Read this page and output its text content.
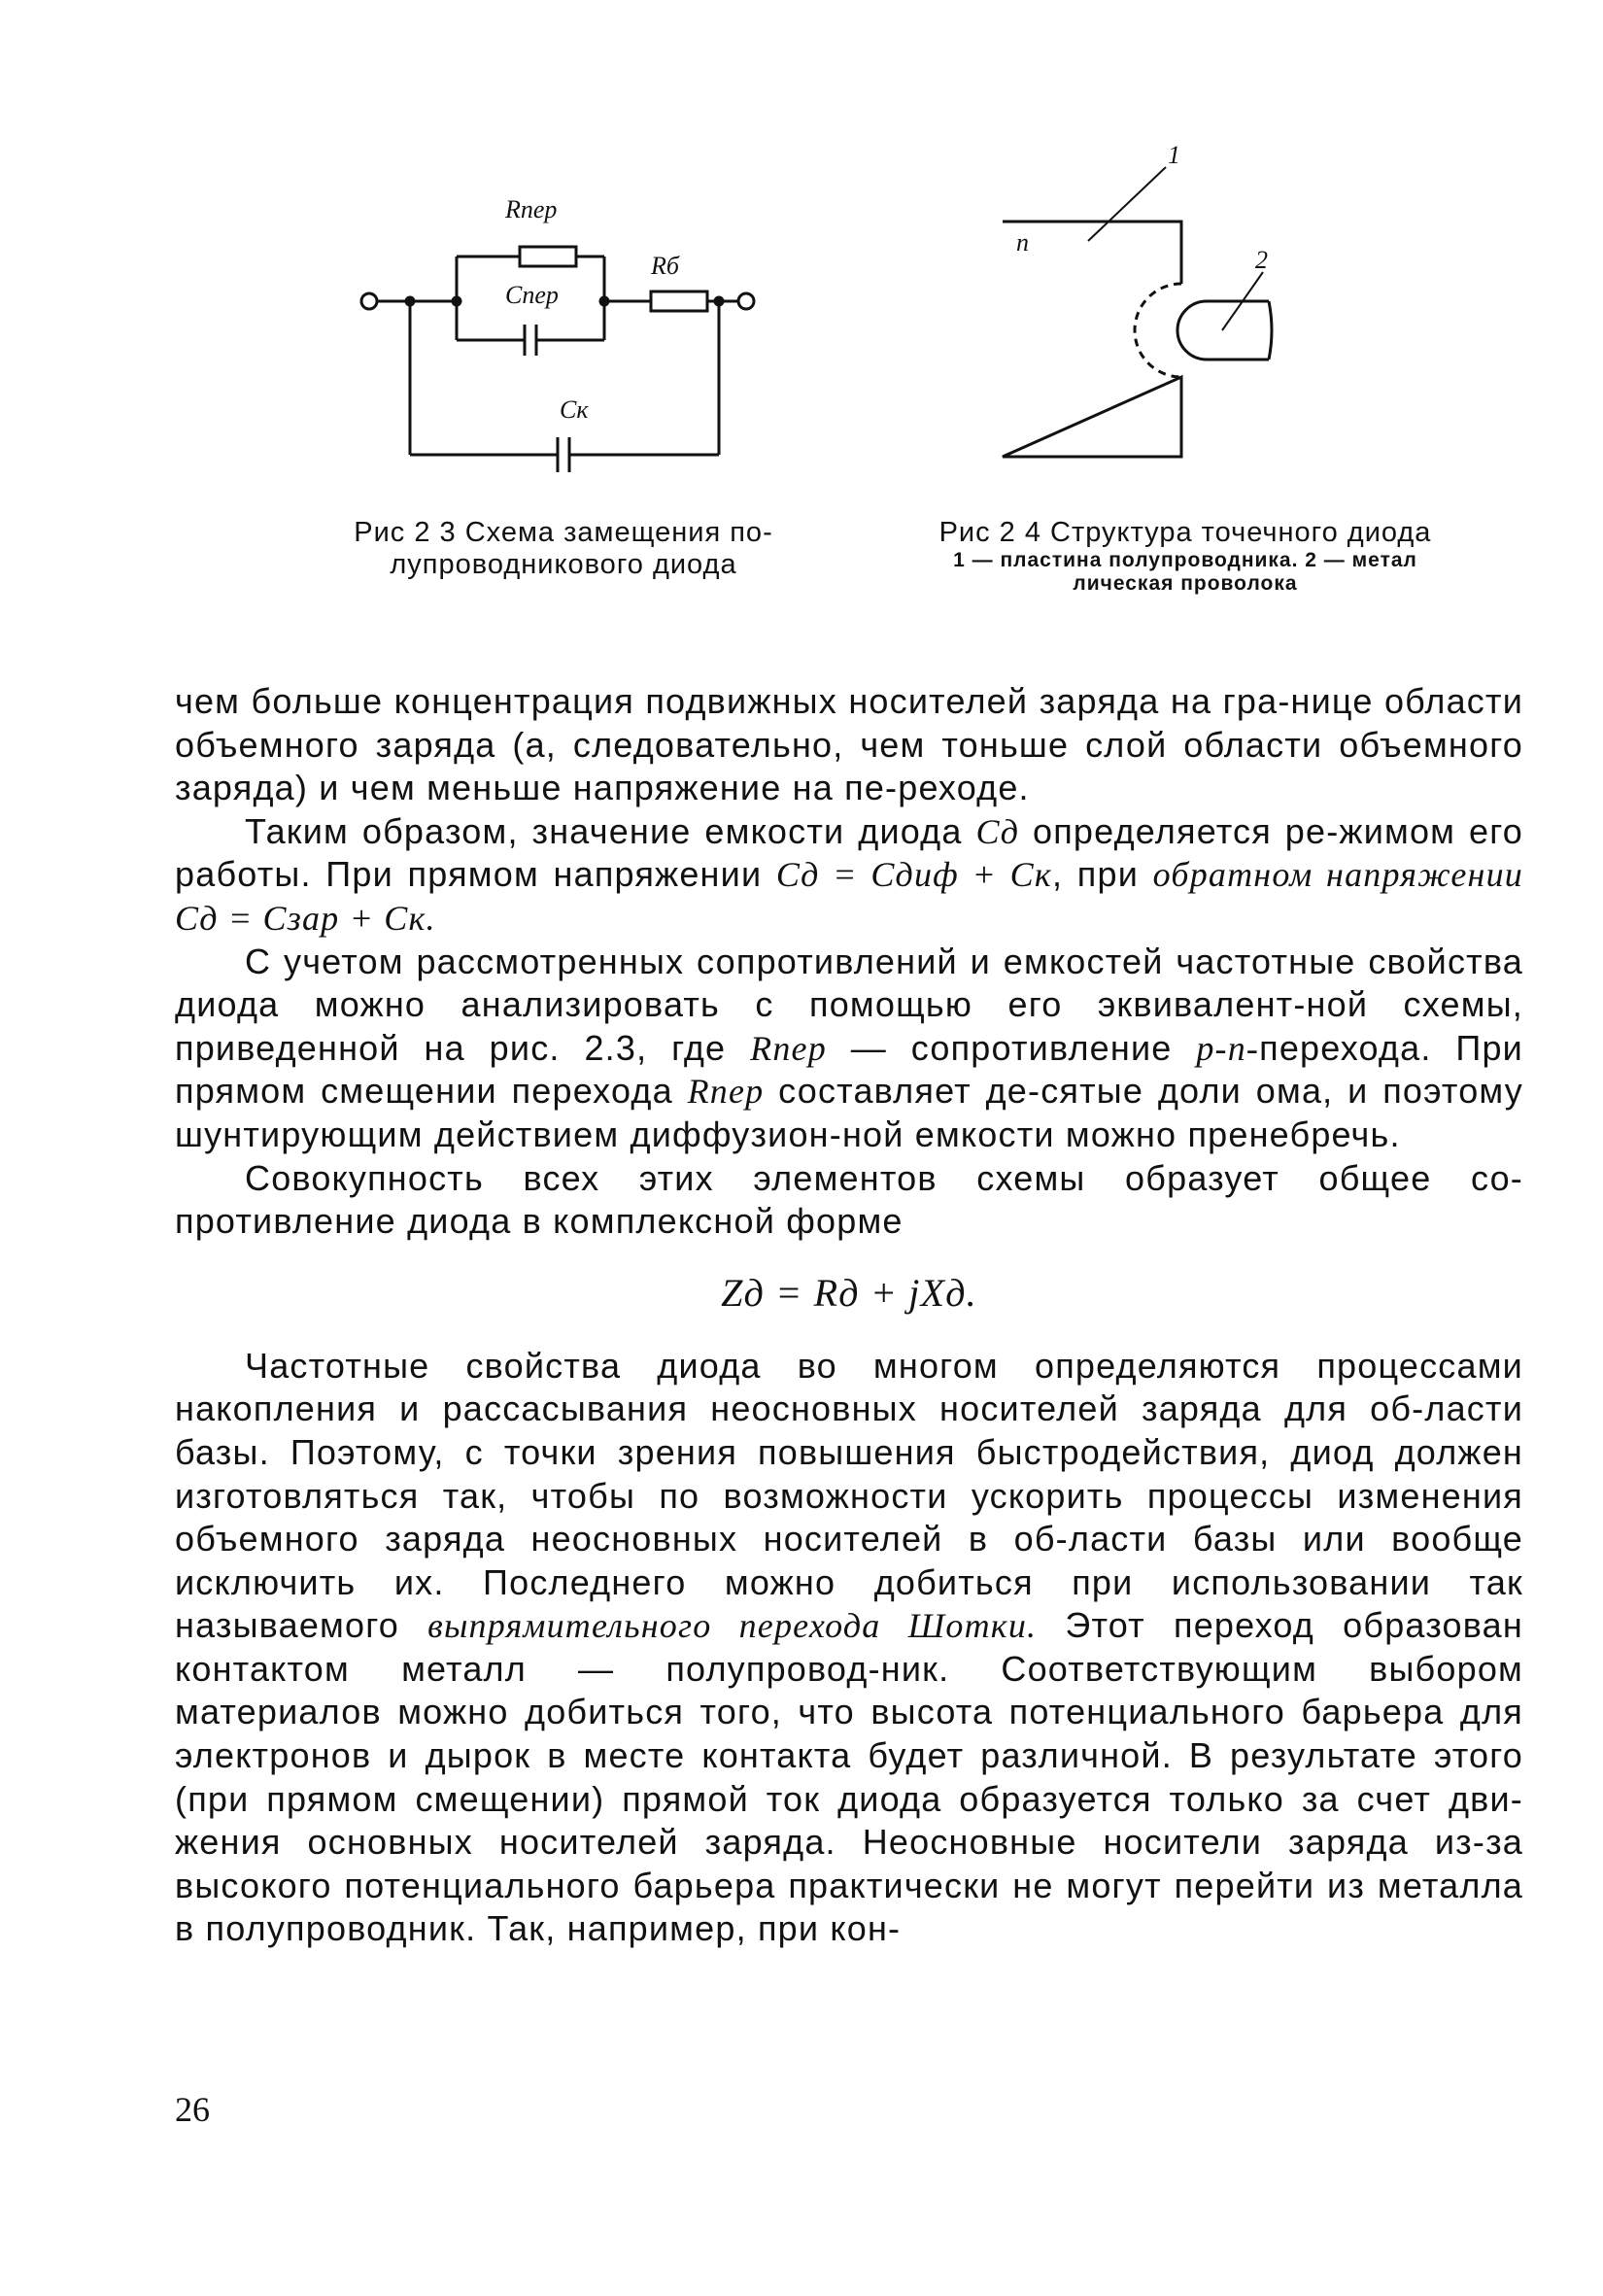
Rпер
Cпер
Rб
Cк
Рис 2 3 Схема замещения по-
лупроводникового диода
n
1
2
Рис 2 4 Структура точечного диода
1 — пластина полупроводника. 2 — метал
лическая проволока

чем больше концентрация подвижных носителей заряда на гра-нице области объемного заряда (а, следовательно, чем тоньше слой области объемного заряда) и чем меньше напряжение на пе-реходе.

Таким образом, значение емкости диода Cд определяется ре-жимом его работы. При прямом напряжении Cд = Cдиф + Cк, при обратном напряжении Cд = Cзар + Cк.

С учетом рассмотренных сопротивлений и емкостей частотные свойства диода можно анализировать с помощью его эквивалент-ной схемы, приведенной на рис. 2.3, где Rпер — сопротивление p-n-перехода. При прямом смещении перехода Rпер составляет де-сятые доли ома, и поэтому шунтирующим действием диффузион-ной емкости можно пренебречь.

Совокупность всех этих элементов схемы образует общее со-противление диода в комплексной форме

Zд = Rд + jXд.

Частотные свойства диода во многом определяются процессами накопления и рассасывания неосновных носителей заряда для об-ласти базы. Поэтому, с точки зрения повышения быстродействия, диод должен изготовляться так, чтобы по возможности ускорить процессы изменения объемного заряда неосновных носителей в об-ласти базы или вообще исключить их. Последнего можно добиться при использовании так называемого выпрямительного перехода Шотки. Этот переход образован контактом металл — полупровод-ник. Соответствующим выбором материалов можно добиться того, что высота потенциального барьера для электронов и дырок в месте контакта будет различной. В результате этого (при прямом смещении) прямой ток диода образуется только за счет дви-жения основных носителей заряда. Неосновные носители заряда из-за высокого потенциального барьера практически не могут перейти из металла в полупроводник. Так, например, при кон-

26
